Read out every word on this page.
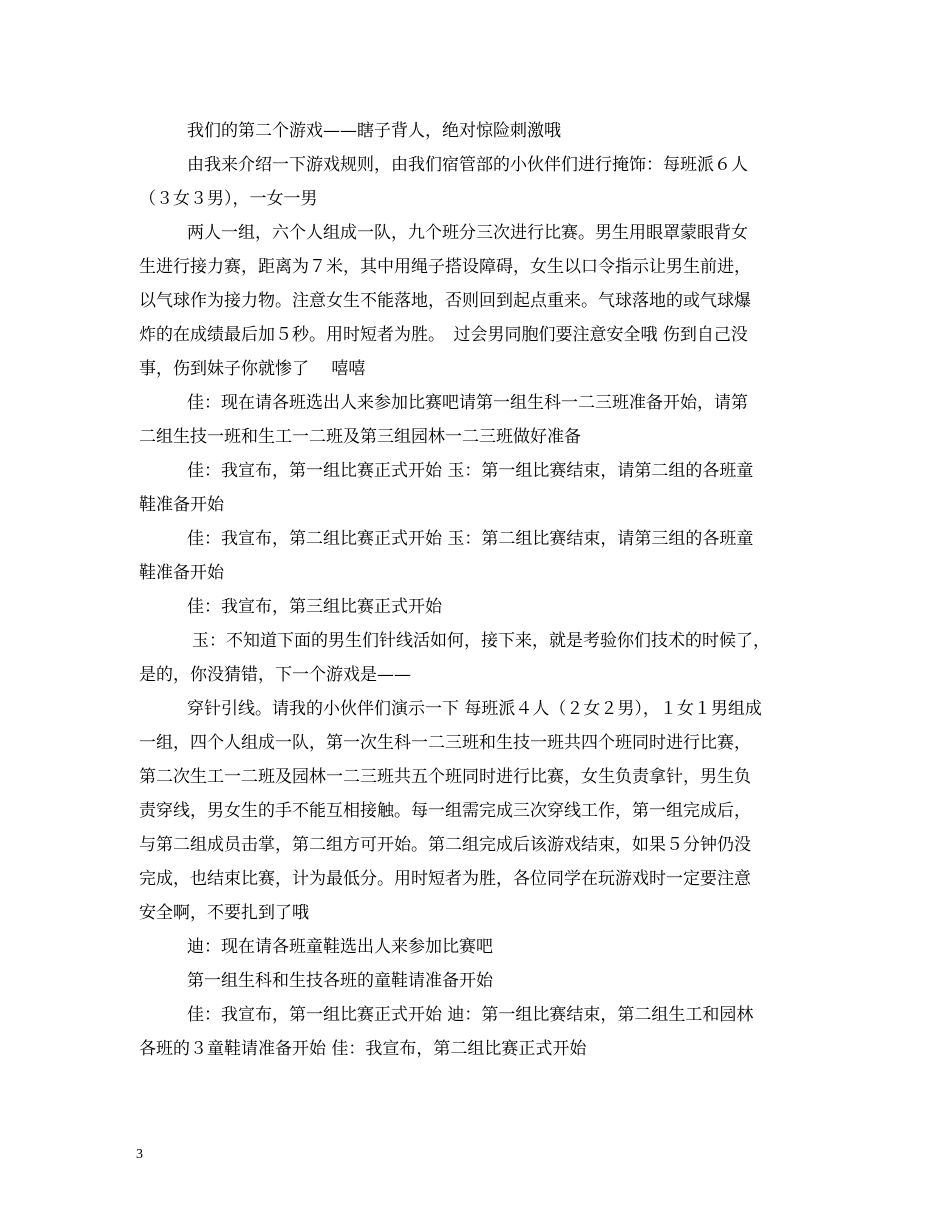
我们的第二个游戏——瞎子背人，绝对惊险刺激哦
由我来介绍一下游戏规则，由我们宿管部的小伙伴们进行掩饰：每班派６人
（３女３男），一女一男
两人一组，六个人组成一队，九个班分三次进行比赛。男生用眼罩蒙眼背女
生进行接力赛，距离为７米，其中用绳子搭设障碍，女生以口令指示让男生前进，
以气球作为接力物。注意女生不能落地，否则回到起点重来。气球落地的或气球爆
炸的在成绩最后加５秒。用时短者为胜。　过会男同胞们要注意安全哦 伤到自己没
事，伤到妹子你就惨了　 嘻嘻
佳：现在请各班选出人来参加比赛吧请第一组生科一二三班准备开始，请第
二组生技一班和生工一二班及第三组园林一二三班做好准备
佳：我宣布，第一组比赛正式开始 玉：第一组比赛结束，请第二组的各班童
鞋准备开始
佳：我宣布，第二组比赛正式开始 玉：第二组比赛结束，请第三组的各班童
鞋准备开始
佳：我宣布，第三组比赛正式开始
玉：不知道下面的男生们针线活如何，接下来，就是考验你们技术的时候了，
是的，你没猜错，下一个游戏是——
穿针引线。请我的小伙伴们演示一下 每班派４人（２女２男），１女１男组成
一组，四个人组成一队，第一次生科一二三班和生技一班共四个班同时进行比赛，
第二次生工一二班及园林一二三班共五个班同时进行比赛，女生负责拿针，男生负
责穿线，男女生的手不能互相接触。每一组需完成三次穿线工作，第一组完成后，
与第二组成员击掌，第二组方可开始。第二组完成后该游戏结束，如果５分钟仍没
完成，也结束比赛，计为最低分。用时短者为胜，各位同学在玩游戏时一定要注意
安全啊，不要扎到了哦
迪：现在请各班童鞋选出人来参加比赛吧
第一组生科和生技各班的童鞋请准备开始
佳：我宣布，第一组比赛正式开始 迪：第一组比赛结束，第二组生工和园林
各班的３童鞋请准备开始 佳：我宣布，第二组比赛正式开始
3
